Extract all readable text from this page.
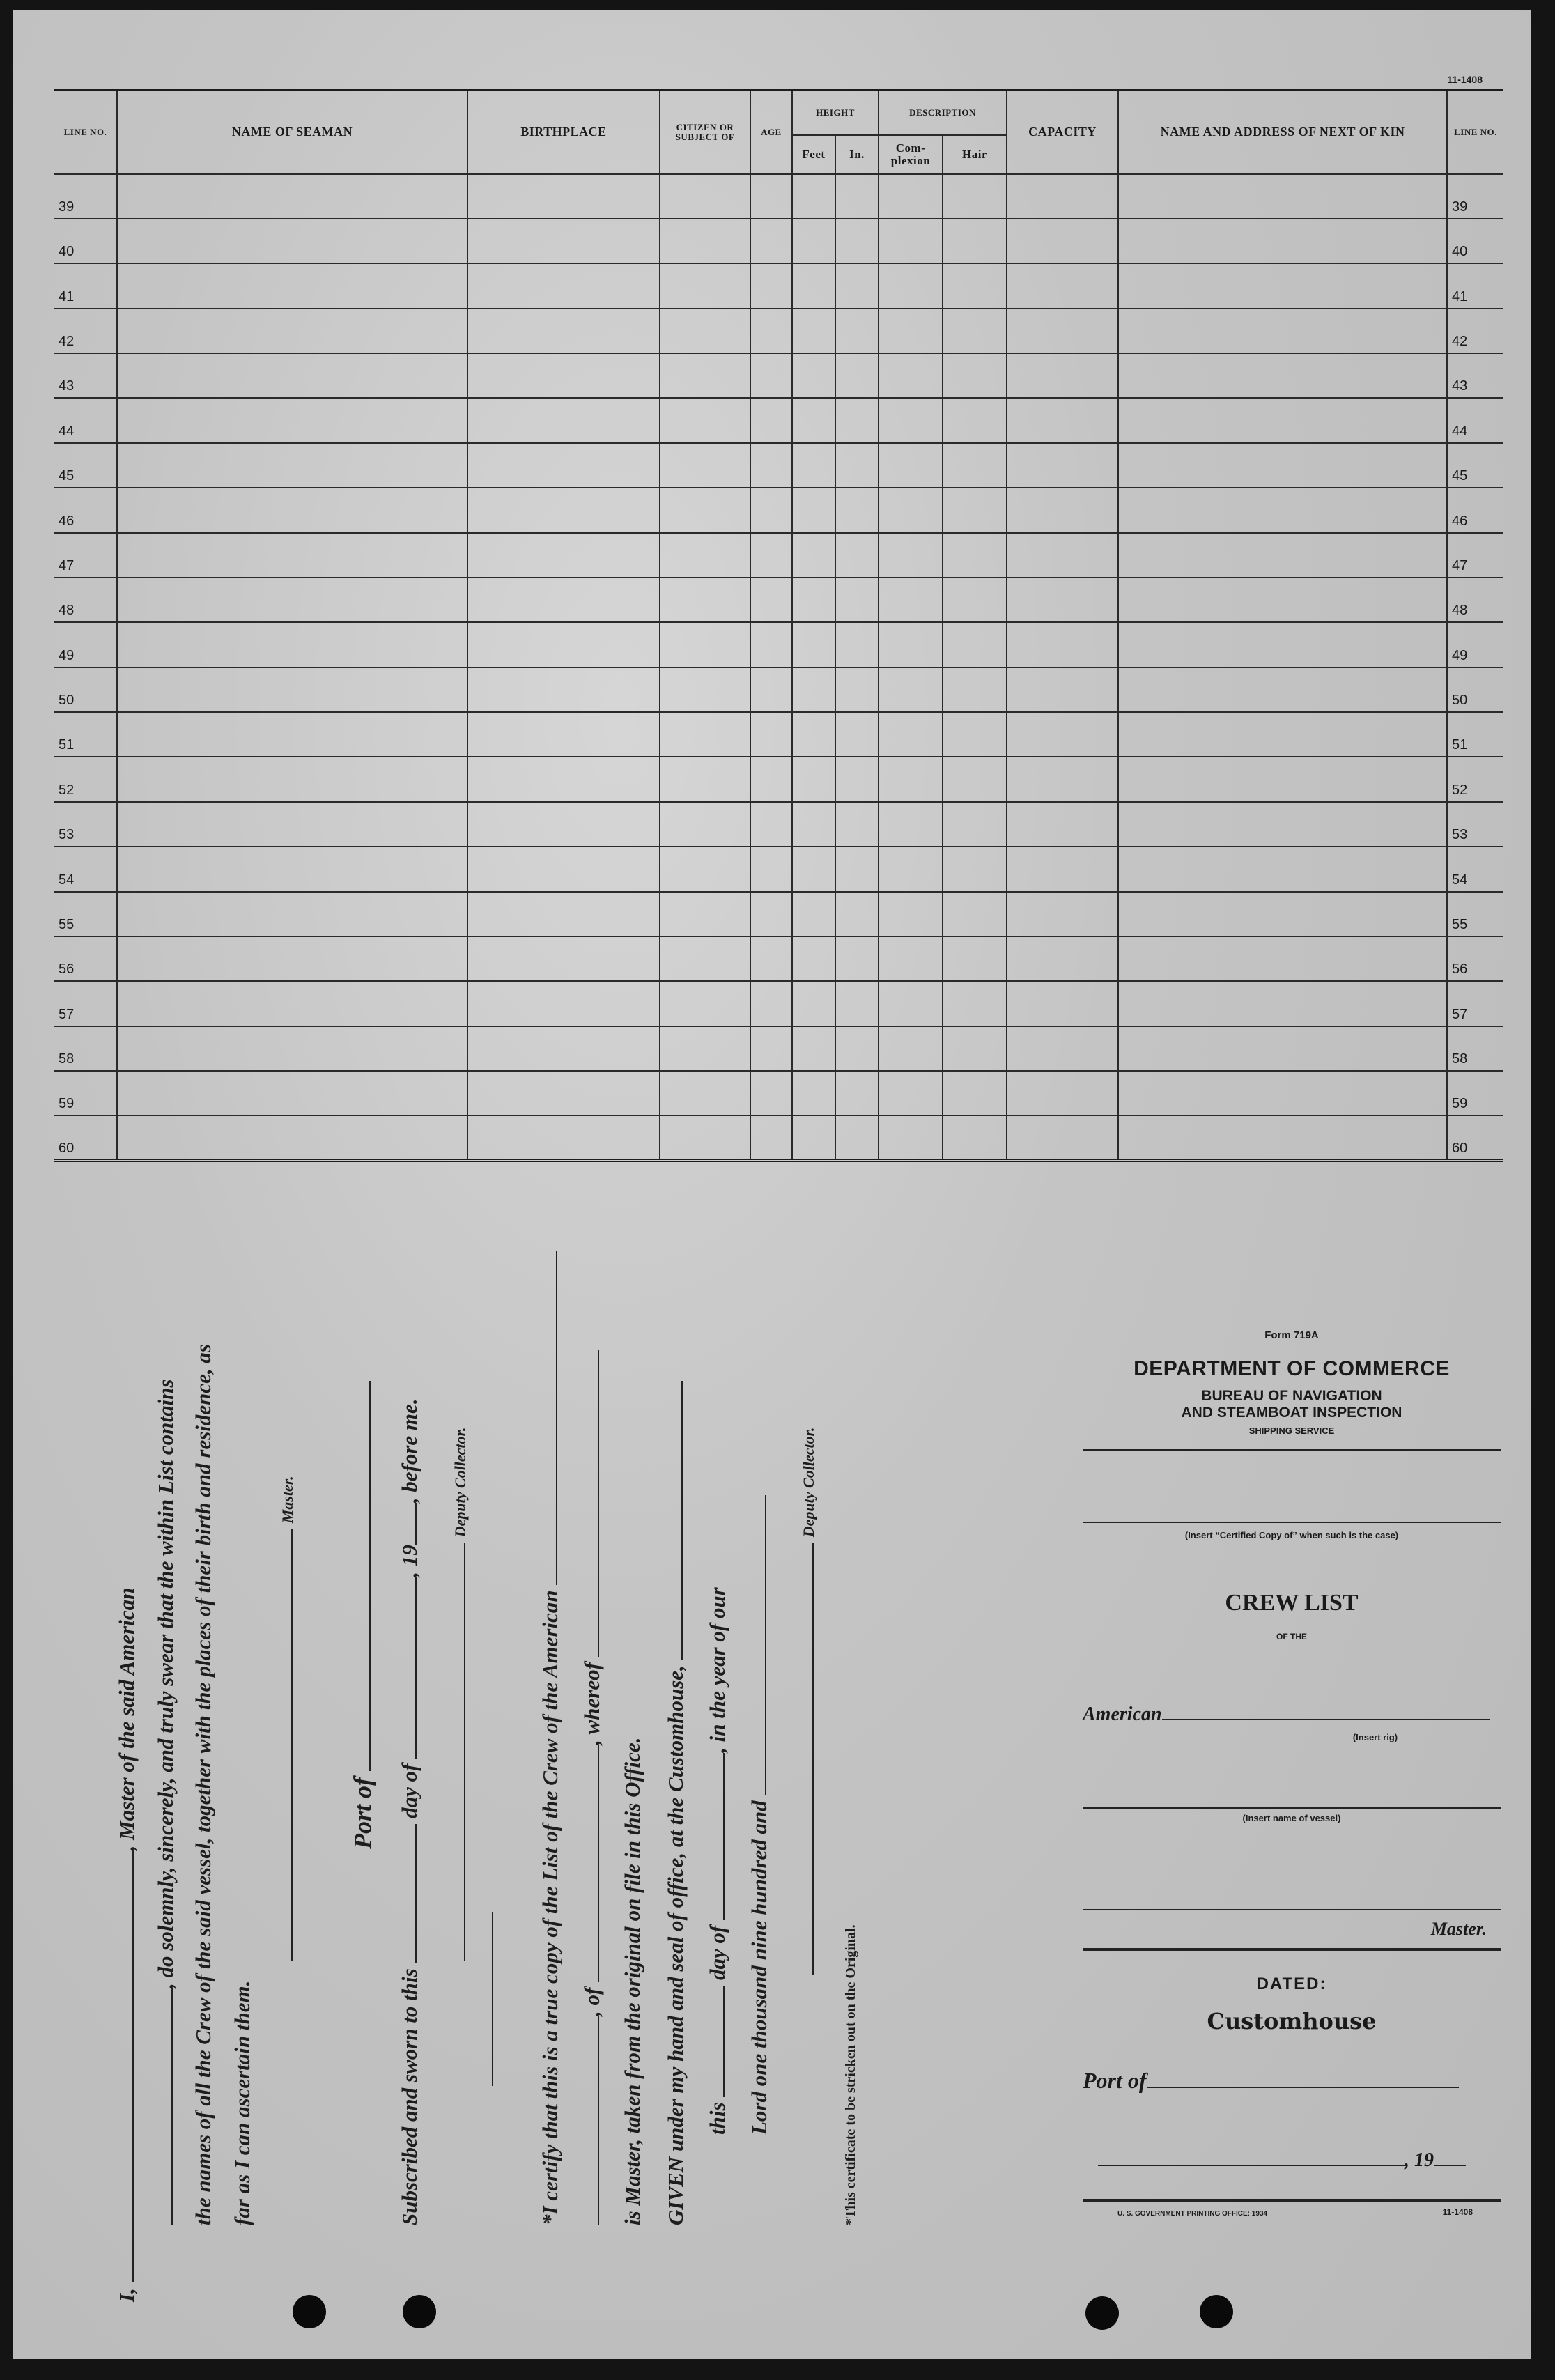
11-1408
LINE NO.	NAME OF SEAMAN	BIRTHPLACE	CITIZEN OR SUBJECT OF	AGE	HEIGHT		DESCRIPTION		CAPACITY	NAME AND ADDRESS OF NEXT OF KIN	LINE NO.
					Feet	In.	Com- plexion	Hair			
39											39
40											40
41											41
42											42
43											43
44											44
45											45
46											46
47											47
48											48
49											49
50											50
51											51
52											52
53											53
54											54
55											55
56											56
57											57
58											58
59											59
60											60
I, , Master of the said American , do solemnly, sincerely, and truly swear that the within List contains the names of all the Crew of the said vessel, together with the places of their birth and residence, as far as I can ascertain them.
Master.
Port of
Subscribed and sworn to this  day of , 19, before me.	Deputy Collector.
*I certify that this is a true copy of the List of the Crew of the American , of , whereof
is Master, taken from the original on file in this Office. GIVEN under my hand and seal of office, at the Customhouse, this  day of , in the year of our
Lord one thousand nine hundred and
Deputy Collector.
*This certificate to be stricken out on the Original.
Form 719A
DEPARTMENT OF COMMERCE
BUREAU OF NAVIGATION
AND STEAMBOAT INSPECTION
SHIPPING SERVICE
(Insert “Certified Copy of” when such is the case)
CREW LIST
OF THE
American
(Insert rig)
(Insert name of vessel)
Master.
DATED:
Customhouse
Port of
, 19
U. S. GOVERNMENT PRINTING OFFICE: 1934	11-1408
